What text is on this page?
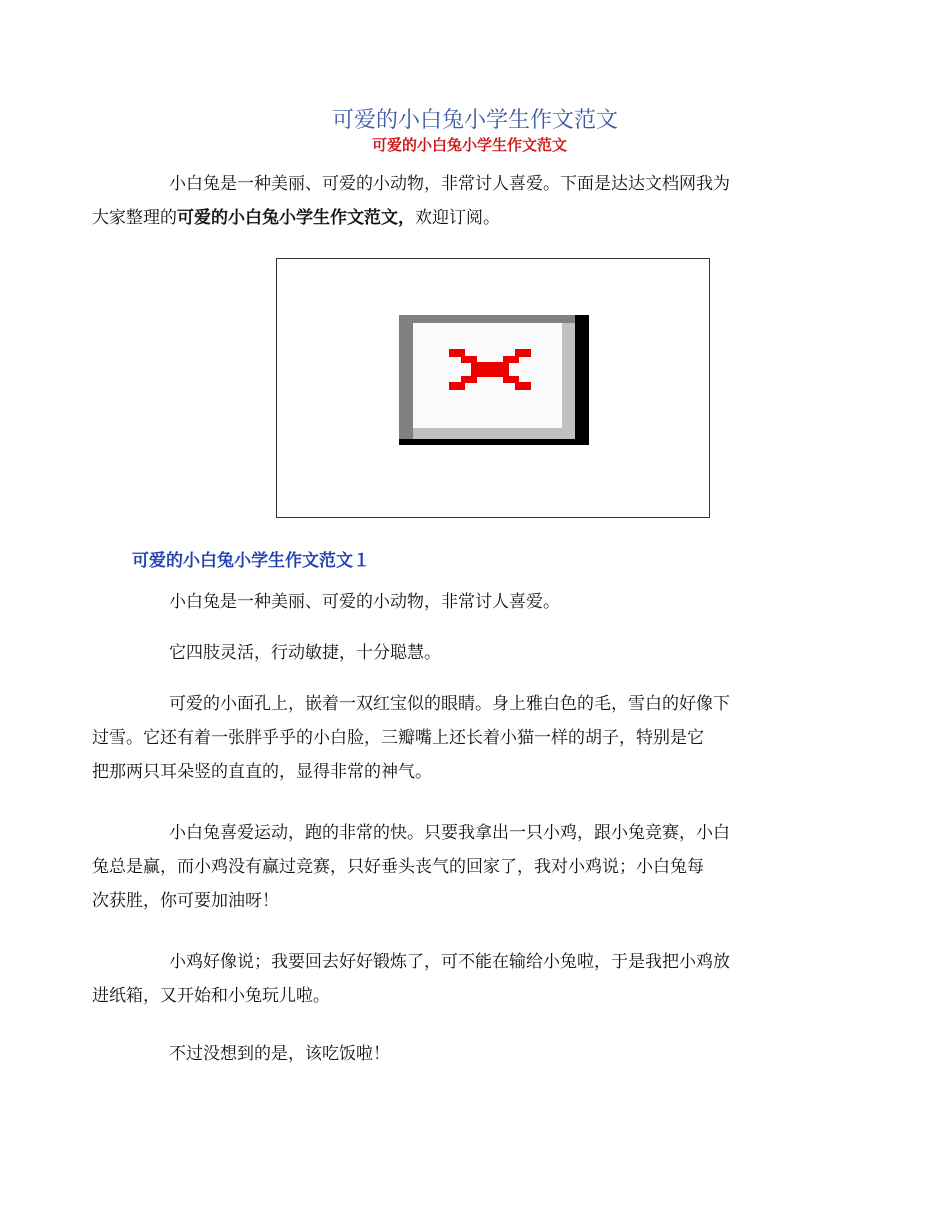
可爱的小白兔小学生作文范文
可爱的小白兔小学生作文范文

小白兔是一种美丽、可爱的小动物，非常讨人喜爱。下面是达达文档网我为
大家整理的可爱的小白兔小学生作文范文，欢迎订阅。

可爱的小白兔小学生作文范文１

小白兔是一种美丽、可爱的小动物，非常讨人喜爱。

它四肢灵活，行动敏捷，十分聪慧。

可爱的小面孔上，嵌着一双红宝似的眼睛。身上雅白色的毛，雪白的好像下
过雪。它还有着一张胖乎乎的小白脸，三瓣嘴上还长着小猫一样的胡子，特别是它
把那两只耳朵竖的直直的，显得非常的神气。

小白兔喜爱运动，跑的非常的快。只要我拿出一只小鸡，跟小兔竞赛，小白
兔总是赢，而小鸡没有赢过竞赛，只好垂头丧气的回家了，我对小鸡说；小白兔每
次获胜，你可要加油呀！

小鸡好像说；我要回去好好锻炼了，可不能在输给小兔啦，于是我把小鸡放
进纸箱，又开始和小兔玩儿啦。

不过没想到的是，该吃饭啦！
